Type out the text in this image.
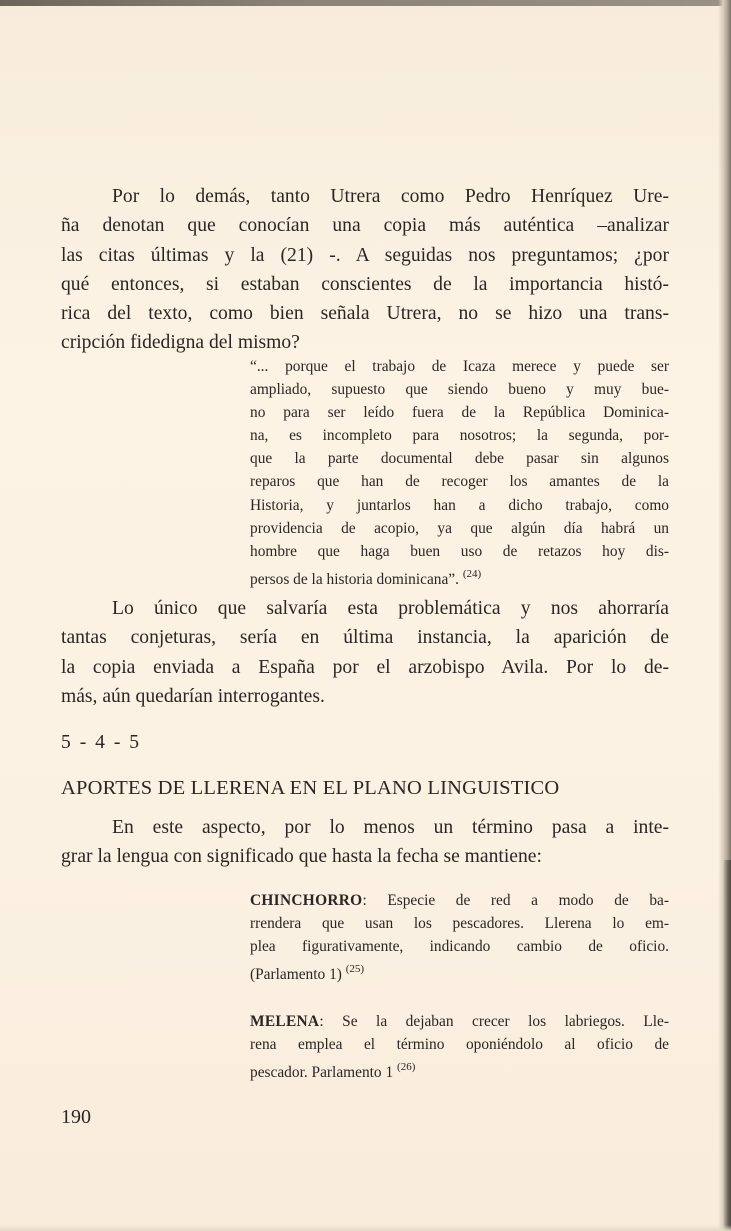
Por lo demás, tanto Utrera como Pedro Henríquez Ure-
ña denotan que conocían una copia más auténtica –analizar
las citas últimas y la (21) -. A seguidas nos preguntamos; ¿por
qué entonces, si estaban conscientes de la importancia histó-
rica del texto, como bien señala Utrera, no se hizo una trans-
cripción fidedigna del mismo?
“... porque el trabajo de Icaza merece y puede ser
ampliado, supuesto que siendo bueno y muy bue-
no para ser leído fuera de la República Dominica-
na, es incompleto para nosotros; la segunda, por-
que la parte documental debe pasar sin algunos
reparos que han de recoger los amantes de la
Historia, y juntarlos han a dicho trabajo, como
providencia de acopio, ya que algún día habrá un
hombre que haga buen uso de retazos hoy dis-
persos de la historia dominicana”. $^{(24)}$
Lo único que salvaría esta problemática y nos ahorraría
tantas conjeturas, sería en última instancia, la aparición de
la copia enviada a España por el arzobispo Avila. Por lo de-
más, aún quedarían interrogantes.
5 - 4 - 5
APORTES DE LLERENA EN EL PLANO LINGUISTICO
En este aspecto, por lo menos un término pasa a inte-
grar la lengua con significado que hasta la fecha se mantiene:
CHINCHORRO: Especie de red a modo de ba-
rrendera que usan los pescadores. Llerena lo em-
plea figurativamente, indicando cambio de oficio.
(Parlamento 1) $^{(25)}$
MELENA: Se la dejaban crecer los labriegos. Lle-
rena emplea el término oponiéndolo al oficio de
pescador. Parlamento 1 $^{(26)}$
190
